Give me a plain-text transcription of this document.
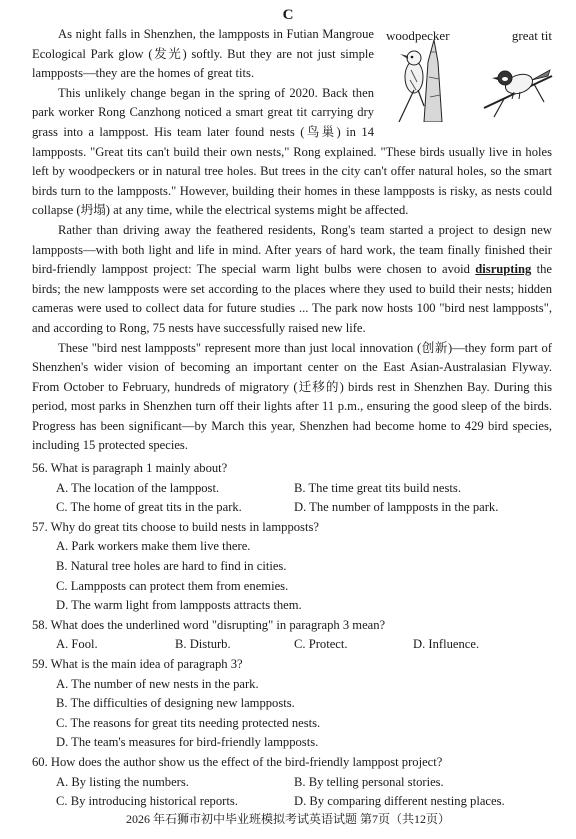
C
woodpecker	great tit

As night falls in Shenzhen, the lampposts in Futian Mangroue Ecological Park glow (发光) softly. But they are not just simple lampposts—they are the homes of great tits.

This unlikely change began in the spring of 2020. Back then park worker Rong Canzhong noticed a smart great tit carrying dry grass into a lamppost. His team later found nests (鸟巢) in 14 lampposts. "Great tits can't build their own nests," Rong explained. "These birds usually live in holes left by woodpeckers or in natural tree holes. But trees in the city can't offer natural holes, so the smart birds turn to the lampposts." However, building their homes in these lampposts is risky, as nests could collapse (坍塌) at any time, while the electrical systems might be affected.

Rather than driving away the feathered residents, Rong's team started a project to design new lampposts—with both light and life in mind. After years of hard work, the team finally finished their bird-friendly lamppost project: The special warm light bulbs were chosen to avoid disrupting the birds; the new lampposts were set according to the places where they used to build their nests; hidden cameras were used to collect data for future studies ... The park now hosts 100 "bird nest lampposts", and according to Rong, 75 nests have successfully raised new life.

These "bird nest lampposts" represent more than just local innovation (创新)—they form part of Shenzhen's wider vision of becoming an important center on the East Asian-Australasian Flyway. From October to February, hundreds of migratory (迁移的) birds rest in Shenzhen Bay. During this period, most parks in Shenzhen turn off their lights after 11 p.m., ensuring the good sleep of the birds. Progress has been significant—by March this year, Shenzhen had become home to 429 bird species, including 15 protected species.

56. What is paragraph 1 mainly about?
A. The location of the lamppost.	B. The time great tits build nests.
C. The home of great tits in the park.	D. The number of lampposts in the park.
57. Why do great tits choose to build nests in lampposts?
A. Park workers make them live there.
B. Natural tree holes are hard to find in cities.
C. Lampposts can protect them from enemies.
D. The warm light from lampposts attracts them.
58. What does the underlined word "disrupting" in paragraph 3 mean?
A. Fool.	B. Disturb.	C. Protect.	D. Influence.
59. What is the main idea of paragraph 3?
A. The number of new nests in the park.
B. The difficulties of designing new lampposts.
C. The reasons for great tits needing protected nests.
D. The team's measures for bird-friendly lampposts.
60. How does the author show us the effect of the bird-friendly lamppost project?
A. By listing the numbers.	B. By telling personal stories.
C. By introducing historical reports.	D. By comparing different nesting places.
2026 年石狮市初中毕业班模拟考试英语试题 第7页（共12页）
